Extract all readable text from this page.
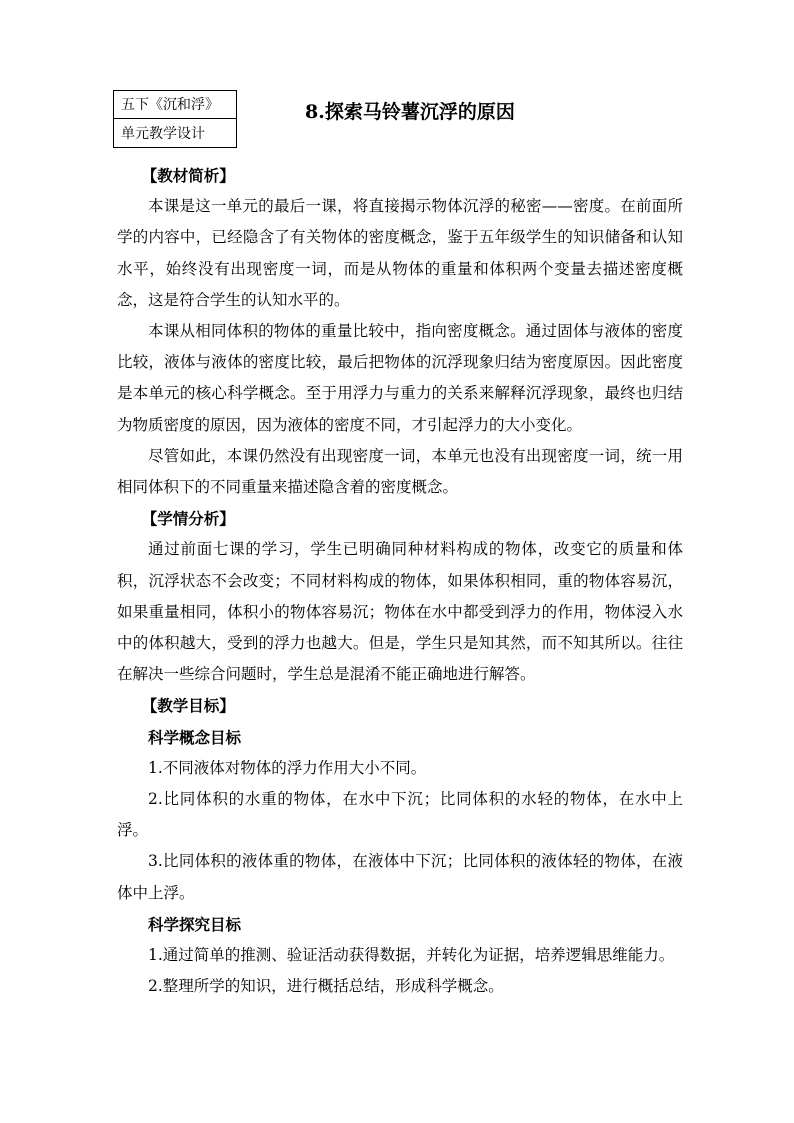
五下《沉和浮》
单元教学设计
8.探索马铃薯沉浮的原因

【教材简析】

本课是这一单元的最后一课，将直接揭示物体沉浮的秘密——密度。在前面所学的内容中，已经隐含了有关物体的密度概念，鉴于五年级学生的知识储备和认知水平，始终没有出现密度一词，而是从物体的重量和体积两个变量去描述密度概念，这是符合学生的认知水平的。

本课从相同体积的物体的重量比较中，指向密度概念。通过固体与液体的密度比较，液体与液体的密度比较，最后把物体的沉浮现象归结为密度原因。因此密度是本单元的核心科学概念。至于用浮力与重力的关系来解释沉浮现象，最终也归结为物质密度的原因，因为液体的密度不同，才引起浮力的大小变化。

尽管如此，本课仍然没有出现密度一词，本单元也没有出现密度一词，统一用相同体积下的不同重量来描述隐含着的密度概念。

【学情分析】

通过前面七课的学习，学生已明确同种材料构成的物体，改变它的质量和体积，沉浮状态不会改变；不同材料构成的物体，如果体积相同，重的物体容易沉，如果重量相同，体积小的物体容易沉；物体在水中都受到浮力的作用，物体浸入水中的体积越大，受到的浮力也越大。但是，学生只是知其然，而不知其所以。往往在解决一些综合问题时，学生总是混淆不能正确地进行解答。

【教学目标】

科学概念目标

1.不同液体对物体的浮力作用大小不同。

2.比同体积的水重的物体，在水中下沉；比同体积的水轻的物体，在水中上浮。

3.比同体积的液体重的物体，在液体中下沉；比同体积的液体轻的物体，在液体中上浮。

科学探究目标

1.通过简单的推测、验证活动获得数据，并转化为证据，培养逻辑思维能力。

2.整理所学的知识，进行概括总结，形成科学概念。
